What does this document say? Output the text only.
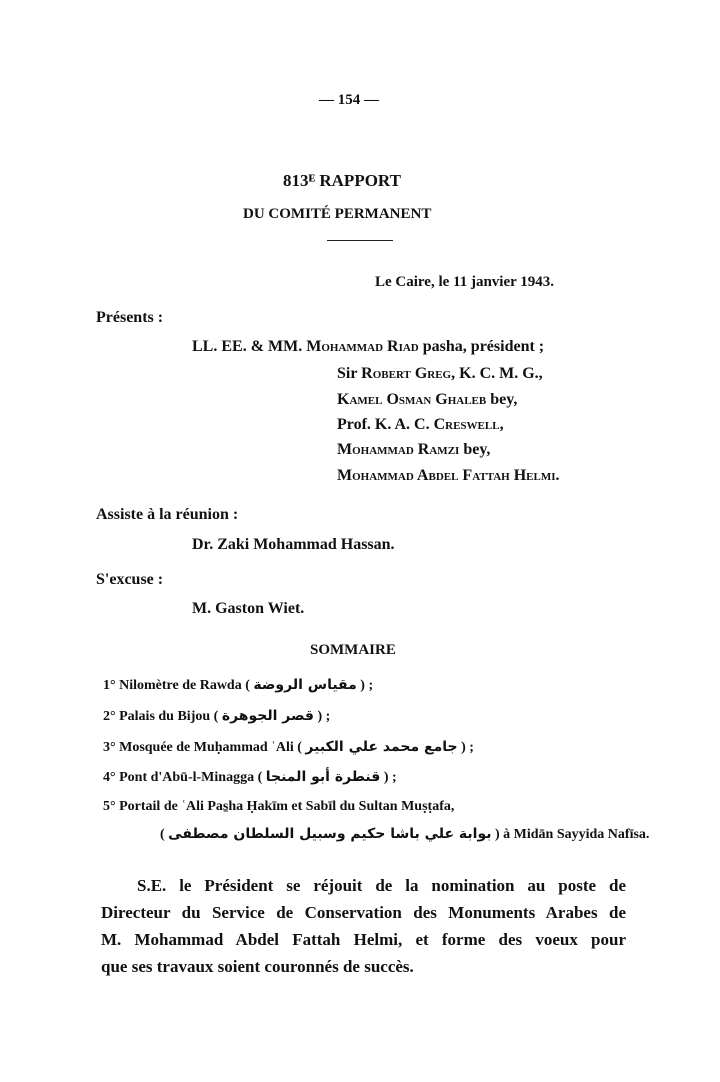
— 154 —
813ᴱ RAPPORT
DU COMITÉ PERMANENT
Le Caire, le 11 janvier 1943.
Présents :
LL. EE. & MM. Mohammad Riad pasha, président ;
Sir Robert Greg, K. C. M. G.,
Kamel Osman Ghaleb bey,
Prof. K. A. C. Creswell,
Mohammad Ramzi bey,
Mohammad Abdel Fattah Helmi.
Assiste à la réunion :
Dr. Zaki Mohammad Hassan.
S'excuse :
M. Gaston Wiet.
SOMMAIRE
1° Nilomètre de Rawda ( مقياس الروضة ) ;
2° Palais du Bijou ( قصر الجوهرة ) ;
3° Mosquée de Muḥammad ʿAli ( جامع محمد علي الكبير ) ;
4° Pont d'Abū-l-Minagga ( قنطرة أبو المنجا ) ;
5° Portail de ʿAli Pas̱ha Ḥakīm et Sabīl du Sultan Muṣṭafa,
( بوابة علي باشا حكيم وسبيل السلطان مصطفى ) à Midān Sayyida Nafīsa.
S.E. le Président se réjouit de la nomination au poste de
Directeur du Service de Conservation des Monuments Arabes de
M. Mohammad Abdel Fattah Helmi, et forme des voeux pour
que ses travaux soient couronnés de succès.
